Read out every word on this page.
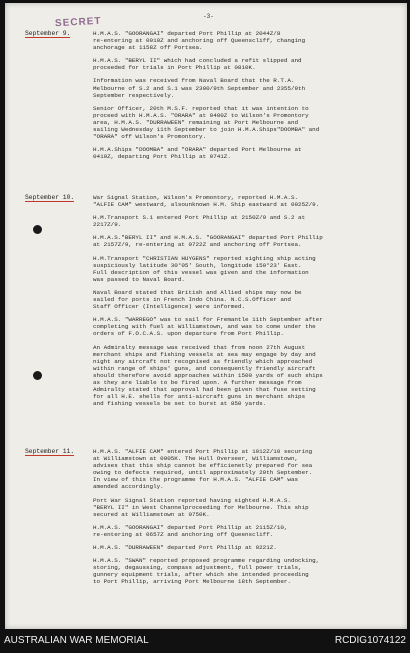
-3-
SECRET
September 9.	H.M.A.S. "GOORANGAI" departed Port Phillip at 2044Z/8
re-entering at 0910Z and anchoring off Queenscliff, changing
anchorage at 1158Z off Portsea.

H.M.A.S. "BERYL II" which had concluded a refit slipped and
proceeded for trials in Port Phillip at 0810K.

Information was received from Naval Board that the R.T.A.
Melbourne of S.2 and S.1 was 2300/9th September and 2355/9th
September respectively.

Senior Officer, 20th M.S.F. reported that it was intention to
proceed with H.M.A.S. "ORARA" at 0400Z to Wilson's Promontory
area, H.M.A.S. "DURRAWEEN" remaining at Port Melbourne and
sailing Wednesday 11th September to join H.M.A.Ships"DOOMBA" and
"ORARA" off Wilson's Promontory.

H.M.A.Ships "DOOMBA" and "ORARA" departed Port Melbourne at
0410Z, departing Port Phillip at 0741Z.

September 10.	War Signal Station, Wilson's Promontory, reported H.M.A.S.
"ALFIE CAM" westward, alsounknown H.M. Ship eastward at 0925Z/9.

H.M.Transport S.1 entered Port Phillip at 2150Z/9 and S.2 at
2217Z/9.

H.M.A.S."BERYL II" and H.M.A.S. "GOORANGAI" departed Port Phillip
at 2157Z/9, re-entering at 0722Z and anchoring off Portsea.

H.M.Transport "CHRISTIAN HUYGENS" reported sighting ship acting
suspiciously latitude 30°05' South, longitude 150°23' East.
Full description of this vessel was given and the information
was passed to Naval Board.

Naval Board stated that British and Allied ships may now be
sailed for ports in French Indo China. N.C.S.Officer and
Staff Officer (Intelligence) were informed.

H.M.A.S. "WARREGO" was to sail for Fremantle 11th September after
completing with fuel at Williamstown, and was to come under the
orders of F.O.C.A.S. upon departure from Port Phillip.

An Admiralty message was received that from noon 27th August
merchant ships and fishing vessels at sea may engage by day and
night any aircraft not recognised as friendly which approached
within range of ships' guns, and consequently friendly aircraft
should therefore avoid approaches within 1500 yards of such ships
as they are liable to be fired upon. A further message from
Admiralty stated that approval had been given that fuse setting
for all H.E. shells for anti-aircraft guns in merchant ships
and fishing vessels be set to burst at 850 yards.

September 11.	H.M.A.S. "ALFIE CAM" entered Port Phillip at 1912Z/10 securing
at Williamstown at 0905K. The Hull Overseer, Williamstown,
advises that this ship cannot be efficienetly prepared for sea
owing to defects required, until approximately 20th September.
In view of this the programme for H.M.A.S. "ALFIE CAM" was
amended accordingly.

Port War Signal Station reported having sighted H.M.A.S.
"BERYL II" in West Channelproceeding for Melbourne. This ship
secured at Williamstown at 0750K.

H.M.A.S. "GOORANGAI" departed Port Phillip at 2115Z/10,
re-entering at 0657Z and anchoring off Queenscliff.

H.M.A.S. "DURRAWEEN" departed Port Phillip at 0221Z.

H.M.A.S. "SWAN" reported proposed programme regarding undocking,
storing, degaussing, compass adjustment, full power trials,
gunnery equipment trials, after which she intended proceeding
to Port Phillip, arriving Port Melbourne 18th September.

AUSTRALIAN WAR MEMORIAL	RCDIG1074122
